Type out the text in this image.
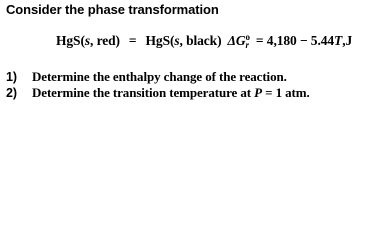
Consider the phase transformation
HgS(s, red) = HgS(s, black) ΔG o
r = 4,180 − 5.44T,J
1)	Determine the enthalpy change of the reaction.
2)	Determine the transition temperature at P = 1 atm.
